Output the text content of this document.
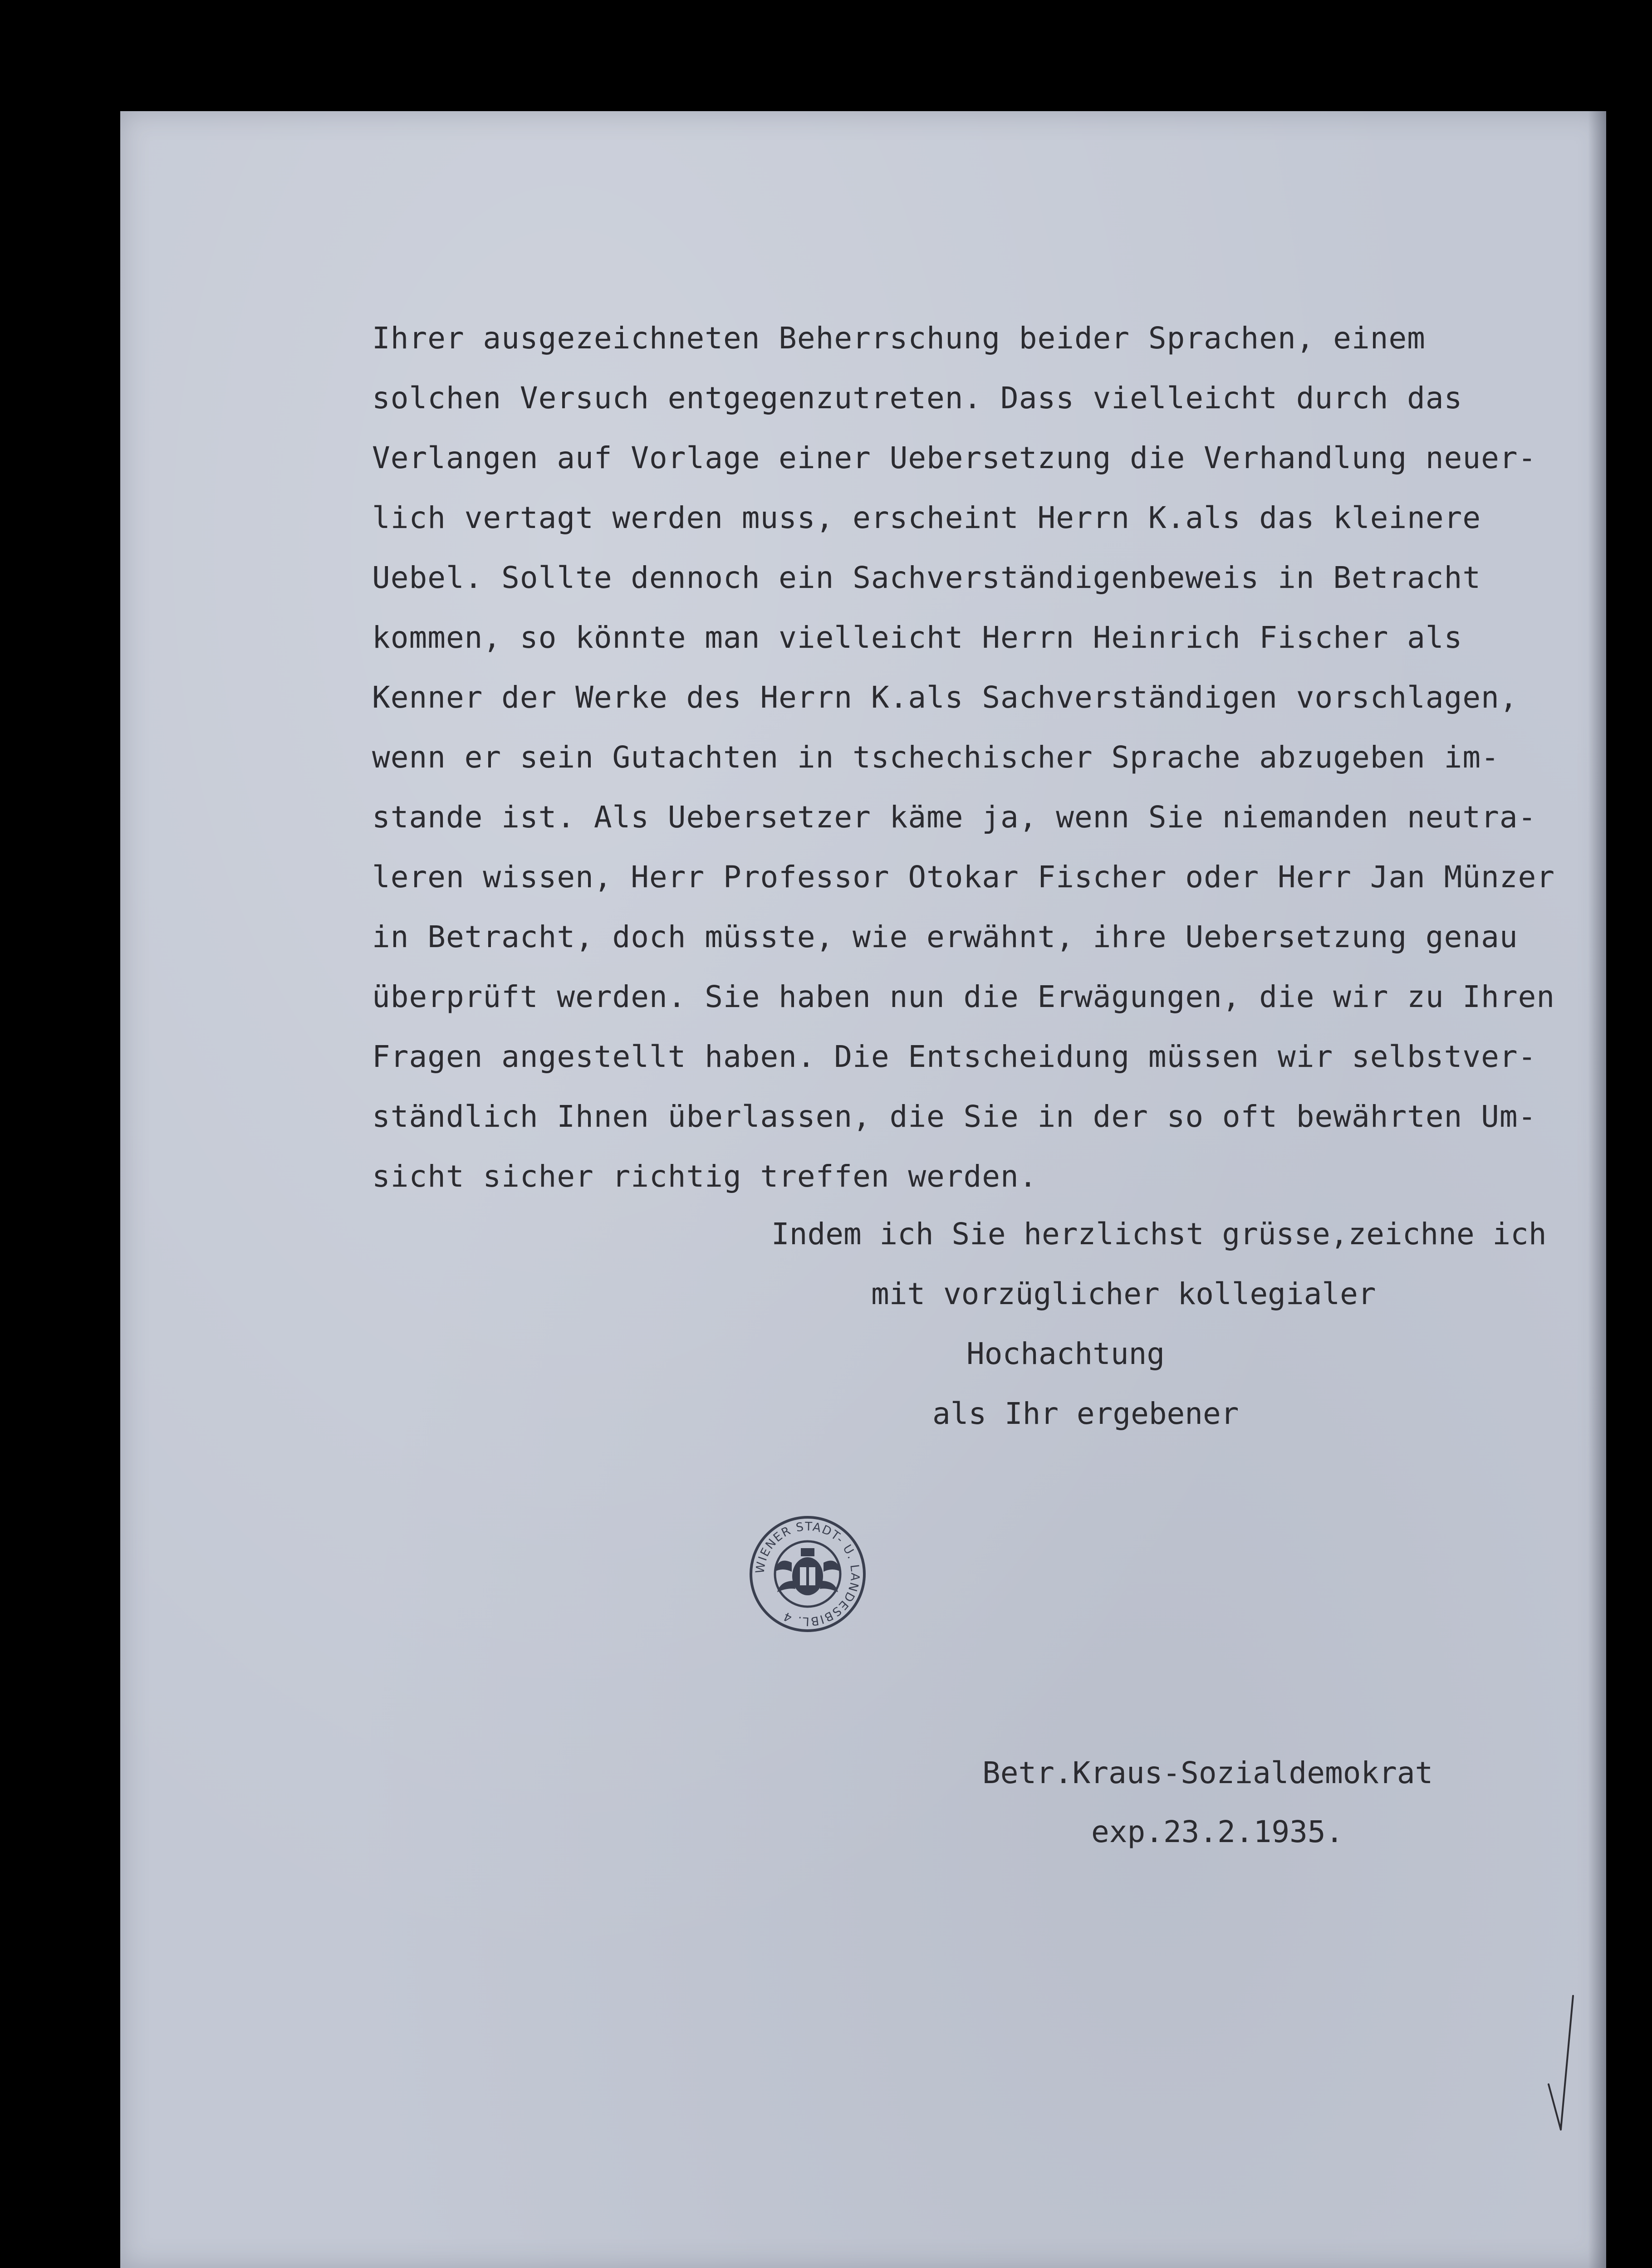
Ihrer ausgezeichneten Beherrschung beider Sprachen, einem
solchen Versuch entgegenzutreten. Dass vielleicht durch das
Verlangen auf Vorlage einer Uebersetzung die Verhandlung neuer-
lich vertagt werden muss, erscheint Herrn K.als das kleinere
Uebel. Sollte dennoch ein Sachverständigenbeweis in Betracht
kommen, so könnte man vielleicht Herrn Heinrich Fischer als
Kenner der Werke des Herrn K.als Sachverständigen vorschlagen,
wenn er sein Gutachten in tschechischer Sprache abzugeben im-
stande ist. Als Uebersetzer käme ja, wenn Sie niemanden neutra-
leren wissen, Herr Professor Otokar Fischer oder Herr Jan Münzer
in Betracht, doch müsste, wie erwähnt, ihre Uebersetzung genau
überprüft werden. Sie haben nun die Erwägungen, die wir zu Ihren
Fragen angestellt haben. Die Entscheidung müssen wir selbstver-
ständlich Ihnen überlassen, die Sie in der so oft bewährten Um-
sicht sicher richtig treffen werden.
Indem ich Sie herzlichst grüsse,zeichne ich
mit vorzüglicher kollegialer
Hochachtung
als Ihr ergebener
WIENER STADT- U. LANDESBIBL. 4
Betr.Kraus-Sozialdemokrat
exp.23.2.1935.
